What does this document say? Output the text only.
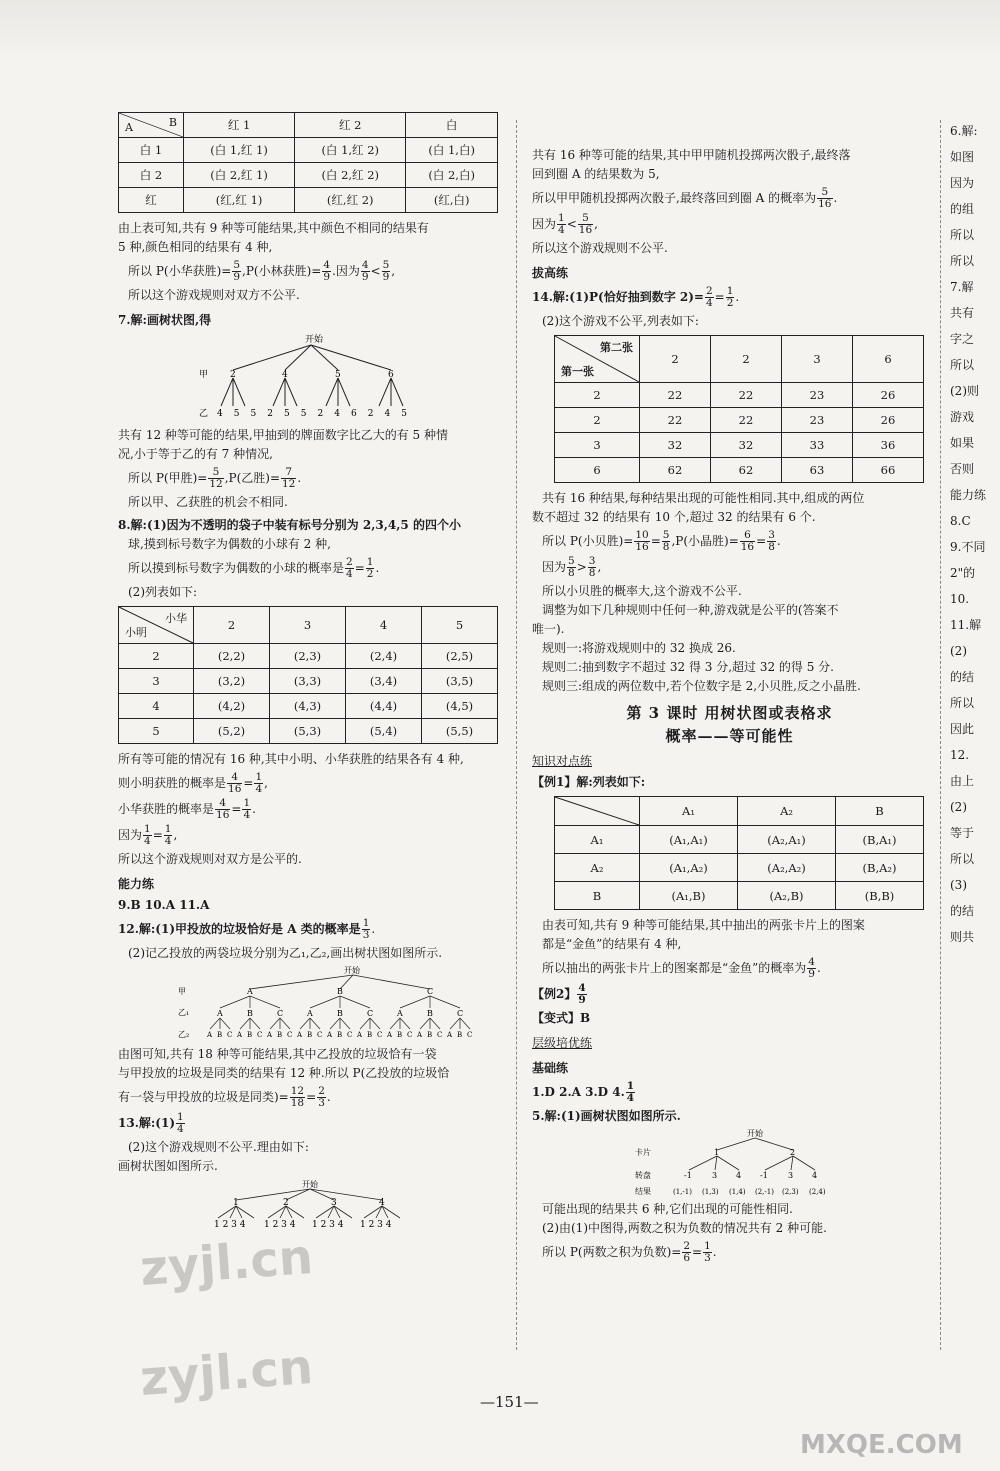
B
A	红 1	红 2	白
白 1	(白 1,红 1)	(白 1,红 2)	(白 1,白)
白 2	(白 2,红 1)	(白 2,红 2)	(白 2,白)
红	(红,红 1)	(红,红 2)	(红,白)

由上表可知,共有 9 种等可能结果,其中颜色不相同的结果有

5 种,颜色相同的结果有 4 种,

所以 P(小华获胜)= $\frac{5}{9} ,P$(小林获胜)= $\frac{4}{9}$ .因为 $\frac{4}{9} < \frac{5}{9}$ ,

所以这个游戏规则对双方不公平.

7.解:画树状图,得

开始
甲 2	4	5	6
乙 4 5 5 2 5 5 2 4 6 2 4 5

共有 12 种等可能的结果,甲抽到的牌面数字比乙大的有 5 种情

况,小于等于乙的有 7 种情况,

所以 P(甲胜)= $\frac{5}{12} ,P$(乙胜)= $\frac{7}{12}$ .

所以甲、乙获胜的机会不相同.

8.解:(1)因为不透明的袋子中装有标号分别为 2,3,4,5 的四个小

球,摸到标号数字为偶数的小球有 2 种,

所以摸到标号数字为偶数的小球的概率是 $\frac{2}{4} = \frac{1}{2}$ .

(2)列表如下:

小华
小明	2	3	4	5
2	(2,2)	(2,3)	(2,4)	(2,5)
3	(3,2)	(3,3)	(3,4)	(3,5)
4	(4,2)	(4,3)	(4,4)	(4,5)
5	(5,2)	(5,3)	(5,4)	(5,5)

所有等可能的情况有 16 种,其中小明、小华获胜的结果各有 4 种,

则小明获胜的概率是 $\frac{4}{16} = \frac{1}{4}$ ,

小华获胜的概率是 $\frac{4}{16} = \frac{1}{4}$ .

因为 $\frac{1}{4} = \frac{1}{4}$ ,

所以这个游戏规则对双方是公平的.

能力练

9.B 10.A 11.A

12.解:(1)甲投放的垃圾恰好是 A 类的概率是 $\frac{1}{3}$ .

(2)记乙投放的两袋垃圾分别为乙₁,乙₂,画出树状图如图所示.

开始
甲	A	B	C
乙₁
乙₂
A
A B C
B
A B C
C
A B C
A
A B C
B
A B C
C
A B C
A
A B C
B
A B C
C
A B C

由图可知,共有 18 种等可能结果,其中乙投放的垃圾恰有一袋

与甲投放的垃圾是同类的结果有 12 种.所以 P(乙投放的垃圾恰

有一袋与甲投放的垃圾是同类)= $\frac{12}{18} = \frac{2}{3}$ .

13.解:(1) $\frac{1}{4}$

(2)这个游戏规则不公平.理由如下:

画树状图如图所示.

开始
1	2	3	4
1 2 3 4 1 2 3 4 1 2 3 4 1 2 3 4

共有 16 种等可能的结果,其中甲甲随机投掷两次骰子,最终落

回到圈 A 的结果数为 5,

所以甲甲随机投掷两次骰子,最终落回到圈 A 的概率为 $\frac{5}{16}$ .

因为 $\frac{1}{4} < \frac{5}{16}$ ,

所以这个游戏规则不公平.

拔高练

14.解:(1)P(恰好抽到数字 $2)= \frac{2}{4} = \frac{1}{2}$ .

(2)这个游戏不公平,列表如下:

第二张
第一张	2	2	3	6
2	22	22	23	26
2	22	22	23	26
3	32	32	33	36
6	62	62	63	66

共有 16 种结果,每种结果出现的可能性相同.其中,组成的两位

数不超过 32 的结果有 10 个,超过 32 的结果有 6 个.

所以 P(小贝胜)= $\frac{10}{16} = \frac{5}{8} ,P$(小晶胜)= $\frac{6}{16} = \frac{3}{8}$ .

因为 $\frac{5}{8} > \frac{3}{8}$ ,

所以小贝胜的概率大,这个游戏不公平.

调整为如下几种规则中任何一种,游戏就是公平的(答案不

唯一).

规则一:将游戏规则中的 32 换成 26.

规则二:抽到数字不超过 32 得 3 分,超过 32 的得 5 分.

规则三:组成的两位数中,若个位数字是 2,小贝胜,反之小晶胜.

第 3 课时 用树状图或表格求
概率——等可能性

知识对点练

【例1】解:列表如下:

	A₁	A₂	B
A₁	(A₁,A₁)	(A₂,A₁)	(B,A₁)
A₂	(A₁,A₂)	(A₂,A₂)	(B,A₂)
B	(A₁,B)	(A₂,B)	(B,B)

由表可知,共有 9 种等可能结果,其中抽出的两张卡片上的图案

都是“金鱼”的结果有 4 种,

所以抽出的两张卡片上的图案都是“金鱼”的概率为 $\frac{4}{9}$ .

【例2】 $\frac{4}{9}$

【变式】B

层级培优练

基础练

1.D 2.A 3.D 4. $\frac{1}{4}$

5.解:(1)画树状图如图所示.

开始
卡片	1	2
转盘	-1	3 4 -1	3 4
结果	(1,-1) (1,3) (1,4) (2,-1) (2,3) (2,4)

可能出现的结果共 6 种,它们出现的可能性相同.

(2)由(1)中图得,两数之积为负数的情况共有 2 种可能.

所以 P(两数之积为负数)= $\frac{2}{6} = \frac{1}{3}$ .

6.解:

如图

因为

的组

所以

所以

7.解

共有

字之

所以

(2)则

游戏

如果

否则

能力练

8.C

9.不同

2"的

10.

11.解

(2)

的结

所以

因此

12.

由上

(2)

等于

所以

(3)

的结

则共

—151—
zyjl.cn
zyjl.cn
MXQE.COM
